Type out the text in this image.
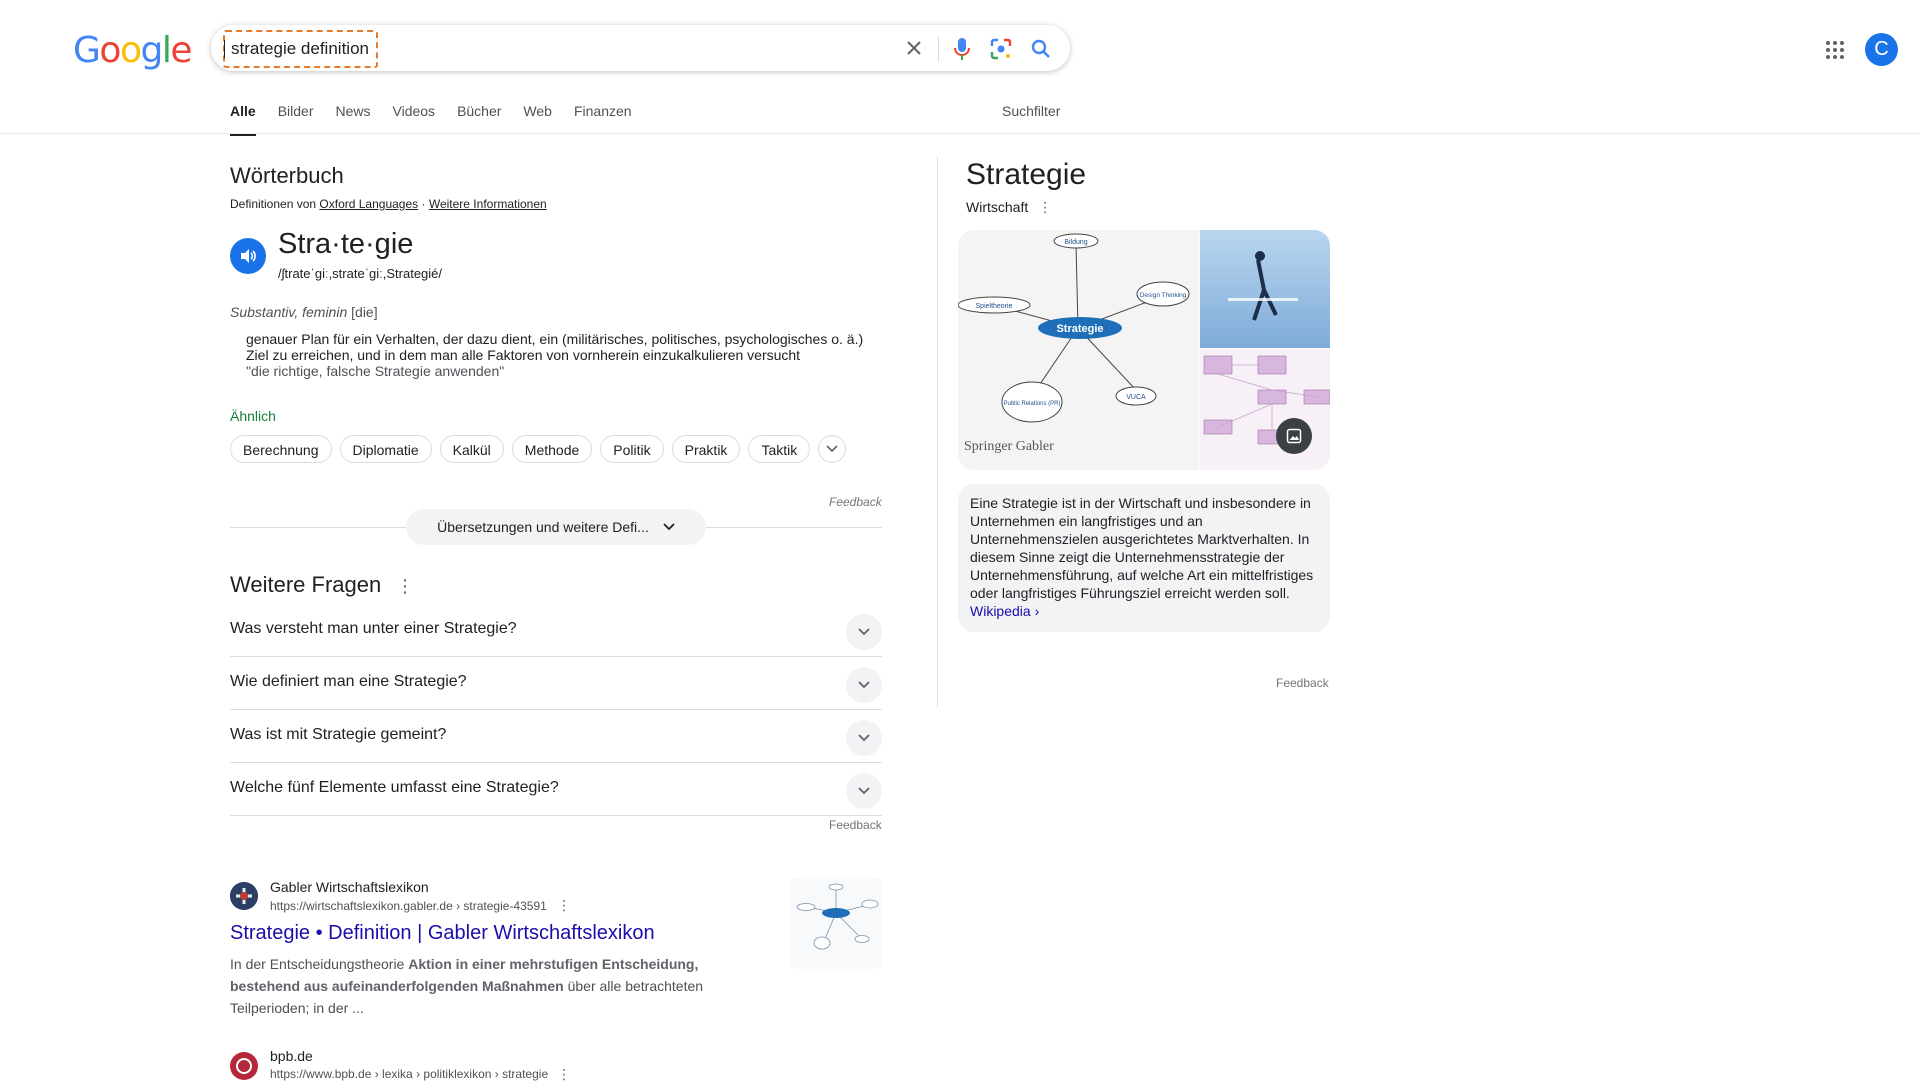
Google strategie definition	C
Alle Bilder News Videos Bücher Web Finanzen	Suchfilter
Wörterbuch
Definitionen von Oxford Languages · Weitere Informationen
Stra·te·gie
/ʃtrateˈgiː,strateˈgiː,Strategié/
Substantiv, feminin [die]
genauer Plan für ein Verhalten, der dazu dient, ein (militärisches, politisches, psychologisches o. ä.) Ziel zu erreichen, und in dem man alle Faktoren von vornherein einzukalkulieren versucht
"die richtige, falsche Strategie anwenden"
Ähnlich
Berechnung	Diplomatie	Kalkül	Methode	Politik	Praktik	Taktik
Feedback
Übersetzungen und weitere Defi...
Weitere Fragen ⋮
Was versteht man unter einer Strategie?
Wie definiert man eine Strategie?
Was ist mit Strategie gemeint?
Welche fünf Elemente umfasst eine Strategie?
Feedback
Gabler Wirtschaftslexikon
https://wirtschaftslexikon.gabler.de › strategie-43591 ⋮
Strategie • Definition | Gabler Wirtschaftslexikon
In der Entscheidungstheorie Aktion in einer mehrstufigen Entscheidung, bestehend aus aufeinanderfolgenden Maßnahmen über alle betrachteten Teilperioden; in der ...
bpb.de
https://www.bpb.de › lexika › politiklexikon › strategie ⋮
Strategie
Wirtschaft ⋮
Strategie
Bildung
Design Thinking
Spieltheorie
Public Relations (PR)
VUCA
Springer Gabler
Eine Strategie ist in der Wirtschaft und insbesondere in Unternehmen ein langfristiges und an Unternehmenszielen ausgerichtetes Marktverhalten. In diesem Sinne zeigt die Unternehmensstrategie der Unternehmensführung, auf welche Art ein mittelfristiges oder langfristiges Führungsziel erreicht werden soll. Wikipedia ›
Feedback
